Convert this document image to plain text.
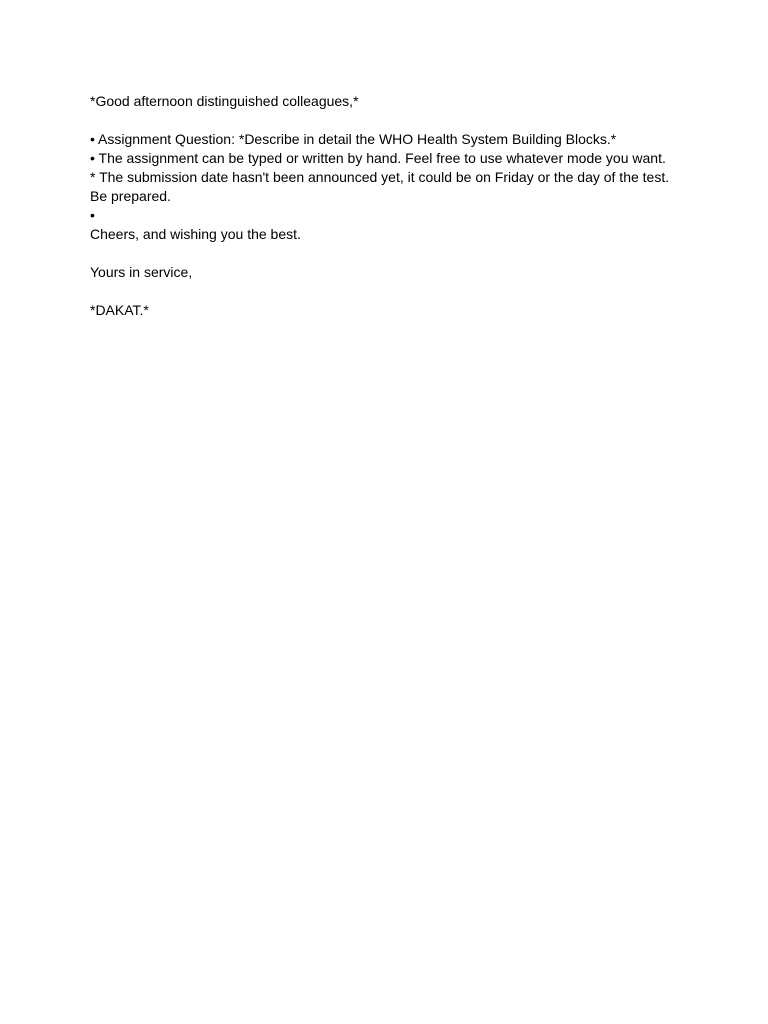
*Good afternoon distinguished colleagues,*
• Assignment Question: *Describe in detail the WHO Health System Building Blocks.*
• The assignment can be typed or written by hand. Feel free to use whatever mode you want.
* The submission date hasn't been announced yet, it could be on Friday or the day of the test.
Be prepared.
•
Cheers, and wishing you the best.
Yours in service,
*DAKAT.*
